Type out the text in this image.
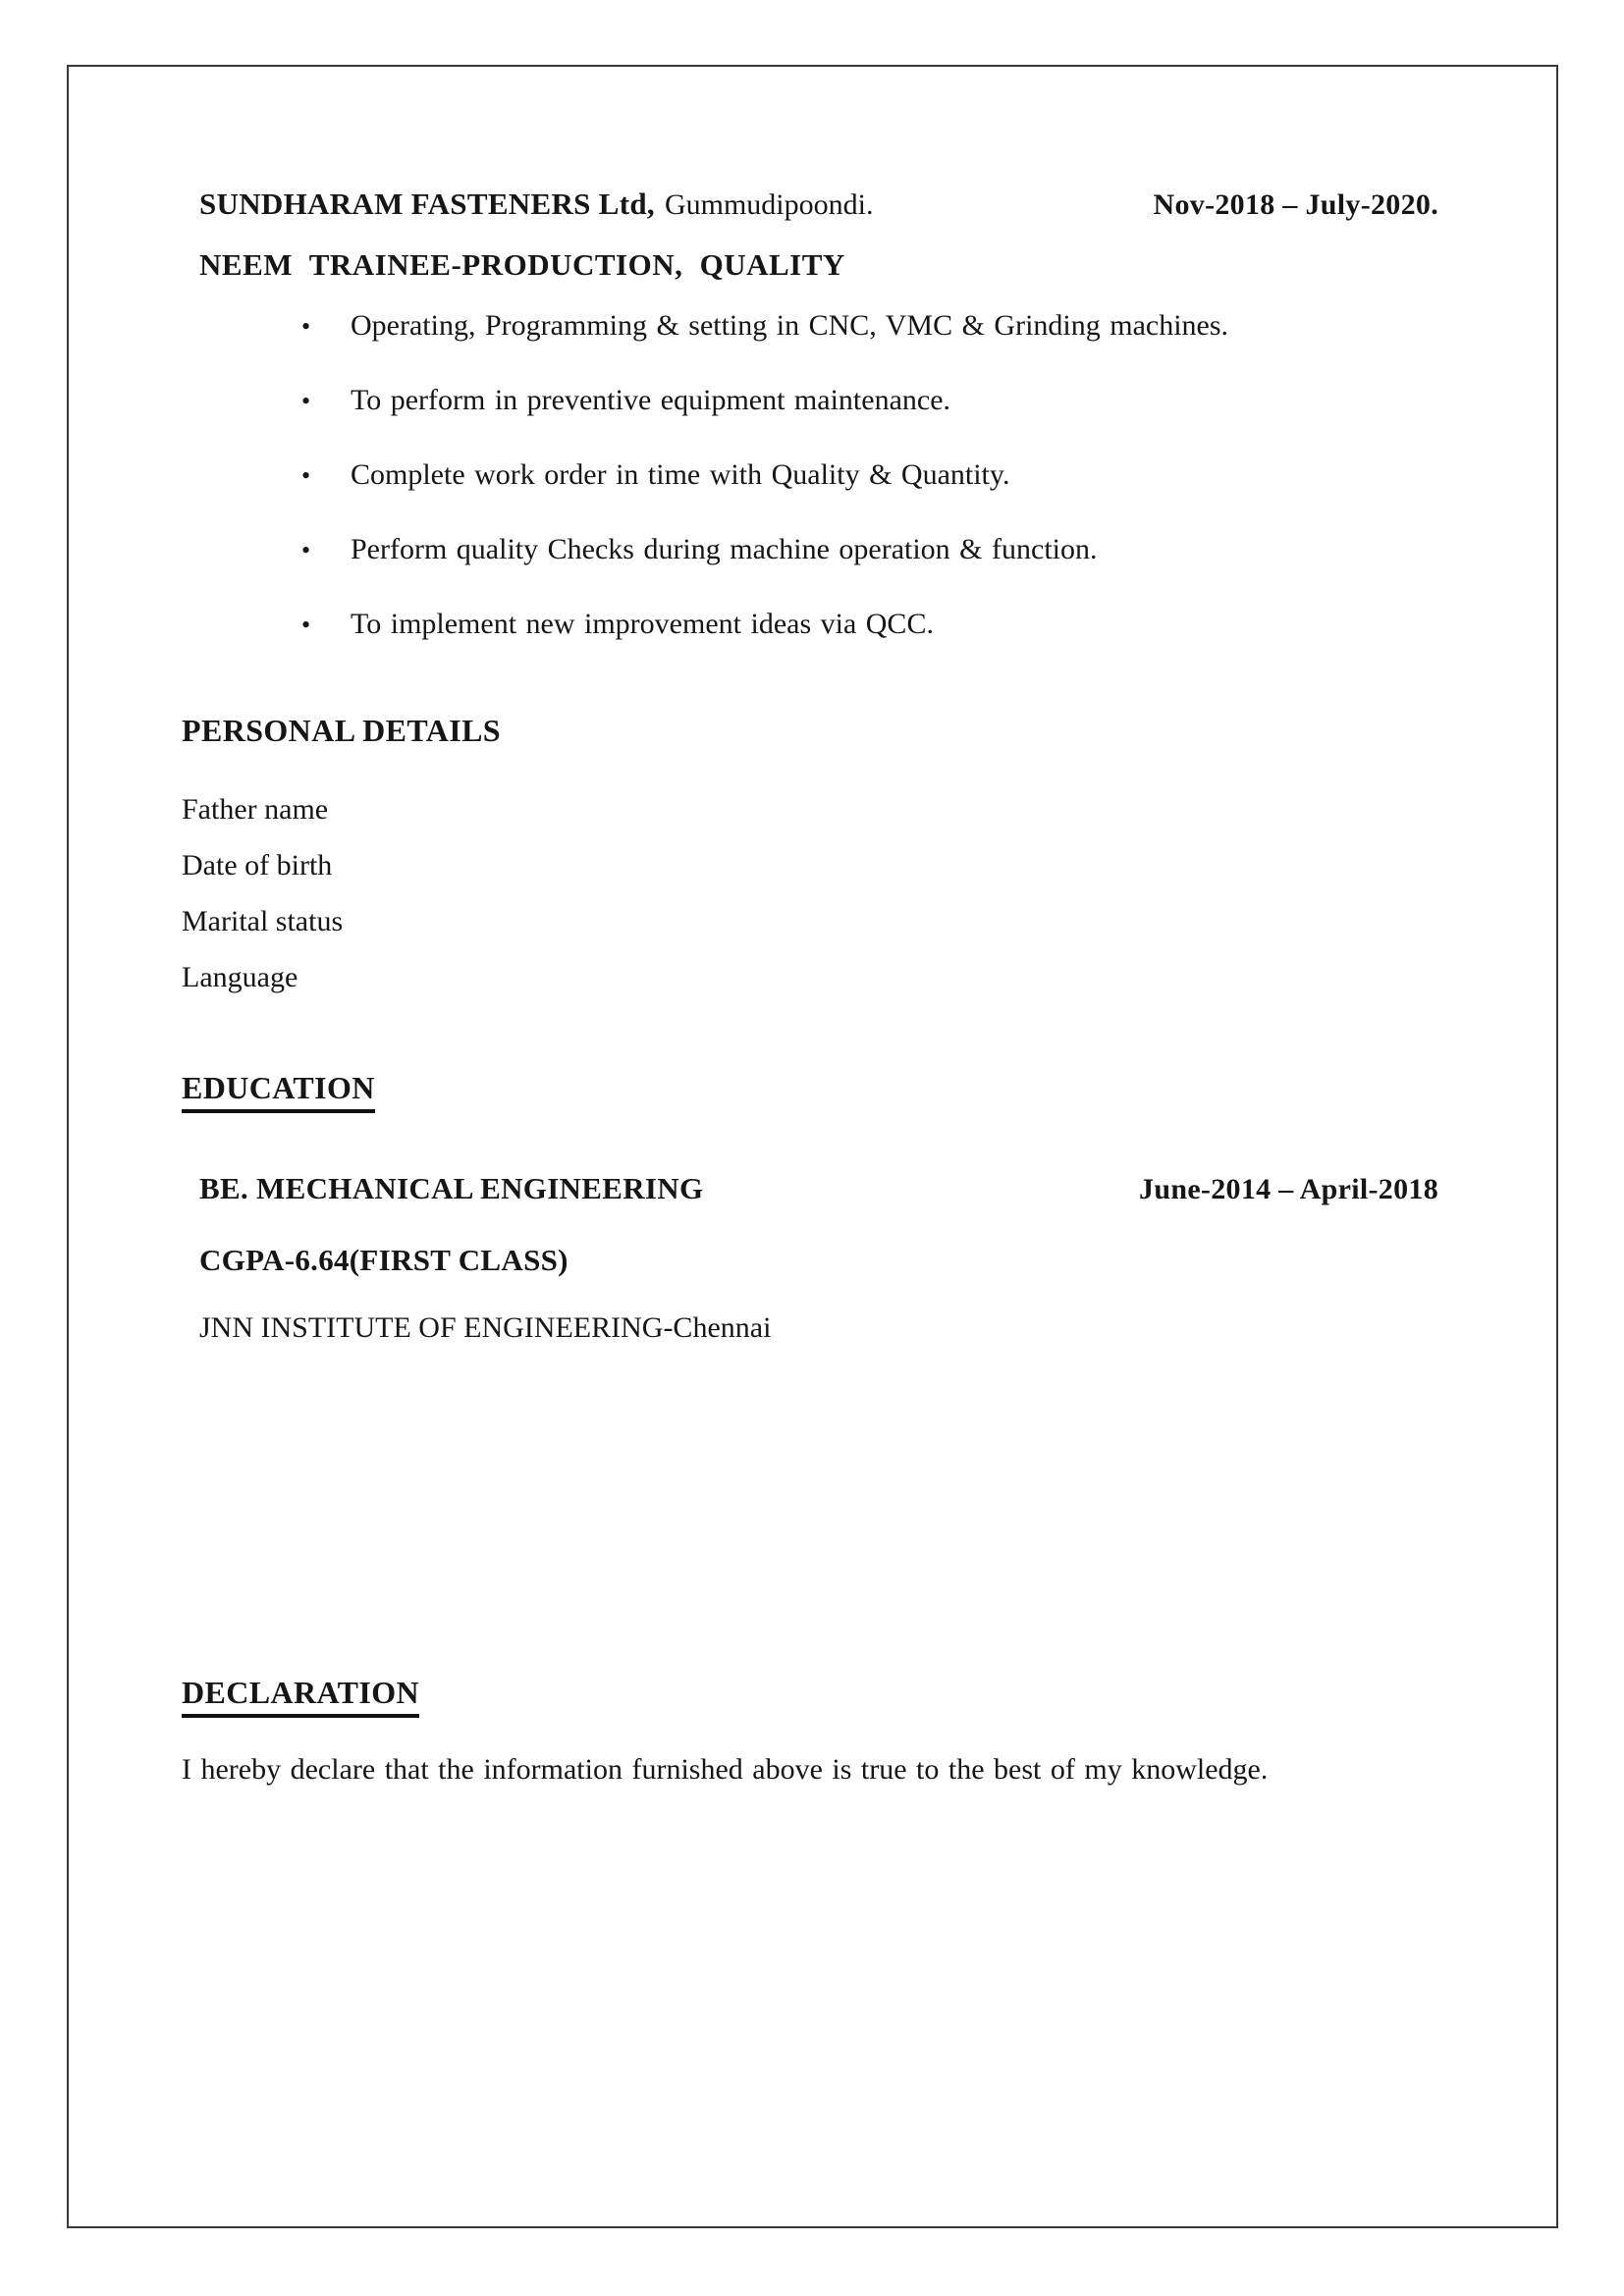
SUNDHARAM FASTENERS Ltd, Gummudipoondi.	Nov-2018 – July-2020.
NEEM TRAINEE-PRODUCTION, QUALITY
•	Operating, Programming & setting in CNC, VMC & Grinding machines.
•	To perform in preventive equipment maintenance.
•	Complete work order in time with Quality & Quantity.
•	Perform quality Checks during machine operation & function.
•	To implement new improvement ideas via QCC.
PERSONAL DETAILS
Father name
Date of birth
Marital status
Language
EDUCATION
BE. MECHANICAL ENGINEERING	June-2014 – April-2018
CGPA-6.64(FIRST CLASS)
JNN INSTITUTE OF ENGINEERING-Chennai
DECLARATION
I hereby declare that the information furnished above is true to the best of my knowledge.
